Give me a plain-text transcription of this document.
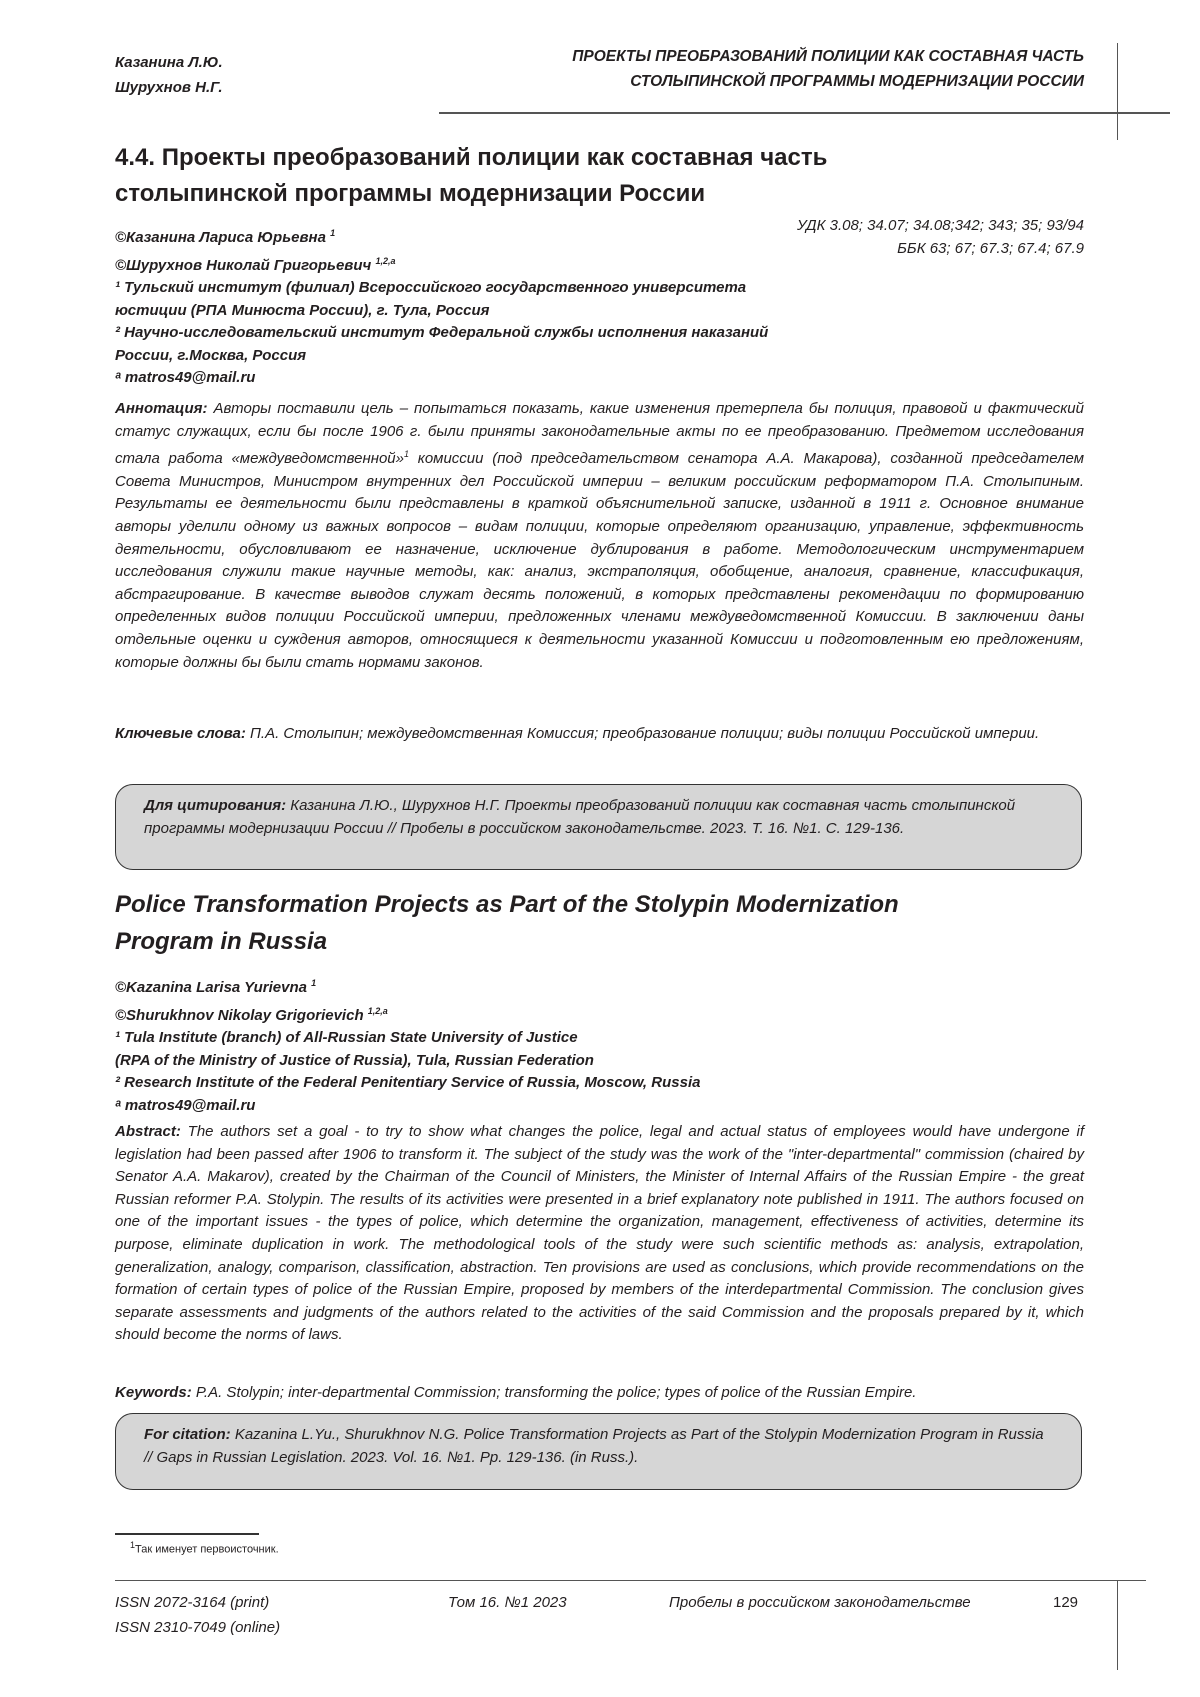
Казанина Л.Ю.
Шурухнов Н.Г.
ПРОЕКТЫ ПРЕОБРАЗОВАНИЙ ПОЛИЦИИ КАК СОСТАВНАЯ ЧАСТЬ
СТОЛЫПИНСКОЙ ПРОГРАММЫ МОДЕРНИЗАЦИИ РОССИИ
4.4. Проекты преобразований полиции как составная часть
столыпинской программы модернизации России
УДК 3.08; 34.07; 34.08;342; 343; 35; 93/94
ББК 63; 67; 67.3; 67.4; 67.9
©Казанина Лариса Юрьевна 1
©Шурухнов Николай Григорьевич 1,2,a
¹ Тульский институт (филиал) Всероссийского государственного университета
юстиции (РПА Минюста России), г. Тула, Россия
² Научно-исследовательский институт Федеральной службы исполнения наказаний
России, г.Москва, Россия
ᵃ matros49@mail.ru
Аннотация: Авторы поставили цель – попытаться показать, какие изменения претерпела бы полиция, правовой и фактический статус служащих, если бы после 1906 г. были приняты законодательные акты по ее преобразованию. Предметом исследования стала работа «междуведомственной»1 комиссии (под председательством сенатора А.А. Макарова), созданной председателем Совета Министров, Министром внутренних дел Российской империи – великим российским реформатором П.А. Столыпиным. Результаты ее деятельности были представлены в краткой объяснительной записке, изданной в 1911 г. Основное внимание авторы уделили одному из важных вопросов – видам полиции, которые определяют организацию, управление, эффективность деятельности, обусловливают ее назначение, исключение дублирования в работе. Методологическим инструментарием исследования служили такие научные методы, как: анализ, экстраполяция, обобщение, аналогия, сравнение, классификация, абстрагирование. В качестве выводов служат десять положений, в которых представлены рекомендации по формированию определенных видов полиции Российской империи, предложенных членами междуведомственной Комиссии. В заключении даны отдельные оценки и суждения авторов, относящиеся к деятельности указанной Комиссии и подготовленным ею предложениям, которые должны бы были стать нормами законов.
Ключевые слова: П.А. Столыпин; междуведомственная Комиссия; преобразование полиции; виды полиции Российской империи.
Для цитирования: Казанина Л.Ю., Шурухнов Н.Г. Проекты преобразований полиции как составная часть столыпинской программы модернизации России // Пробелы в российском законодательстве. 2023. Т. 16. №1. С. 129-136.
Police Transformation Projects as Part of the Stolypin Modernization
Program in Russia
©Kazanina Larisa Yurievna 1
©Shurukhnov Nikolay Grigorievich 1,2,a
¹ Tula Institute (branch) of All-Russian State University of Justice
(RPA of the Ministry of Justice of Russia), Tula, Russian Federation
² Research Institute of the Federal Penitentiary Service of Russia, Moscow, Russia
ᵃ matros49@mail.ru
Abstract: The authors set a goal - to try to show what changes the police, legal and actual status of employees would have undergone if legislation had been passed after 1906 to transform it. The subject of the study was the work of the "inter-departmental" commission (chaired by Senator A.A. Makarov), created by the Chairman of the Council of Ministers, the Minister of Internal Affairs of the Russian Empire - the great Russian reformer P.A. Stolypin. The results of its activities were presented in a brief explanatory note published in 1911. The authors focused on one of the important issues - the types of police, which determine the organization, management, effectiveness of activities, determine its purpose, eliminate duplication in work. The methodological tools of the study were such scientific methods as: analysis, extrapolation, generalization, analogy, comparison, classification, abstraction. Ten provisions are used as conclusions, which provide recommendations on the formation of certain types of police of the Russian Empire, proposed by members of the interdepartmental Commission. The conclusion gives separate assessments and judgments of the authors related to the activities of the said Commission and the proposals prepared by it, which should become the norms of laws.
Keywords: P.A. Stolypin; inter-departmental Commission; transforming the police; types of police of the Russian Empire.
For citation: Kazanina L.Yu., Shurukhnov N.G. Police Transformation Projects as Part of the Stolypin Modernization Program in Russia // Gaps in Russian Legislation. 2023. Vol. 16. №1. Pp. 129-136. (in Russ.).
1Так именует первоисточник.
ISSN 2072-3164 (print)
ISSN 2310-7049 (online)
Том 16. №1 2023	Пробелы в российском законодательстве	129
